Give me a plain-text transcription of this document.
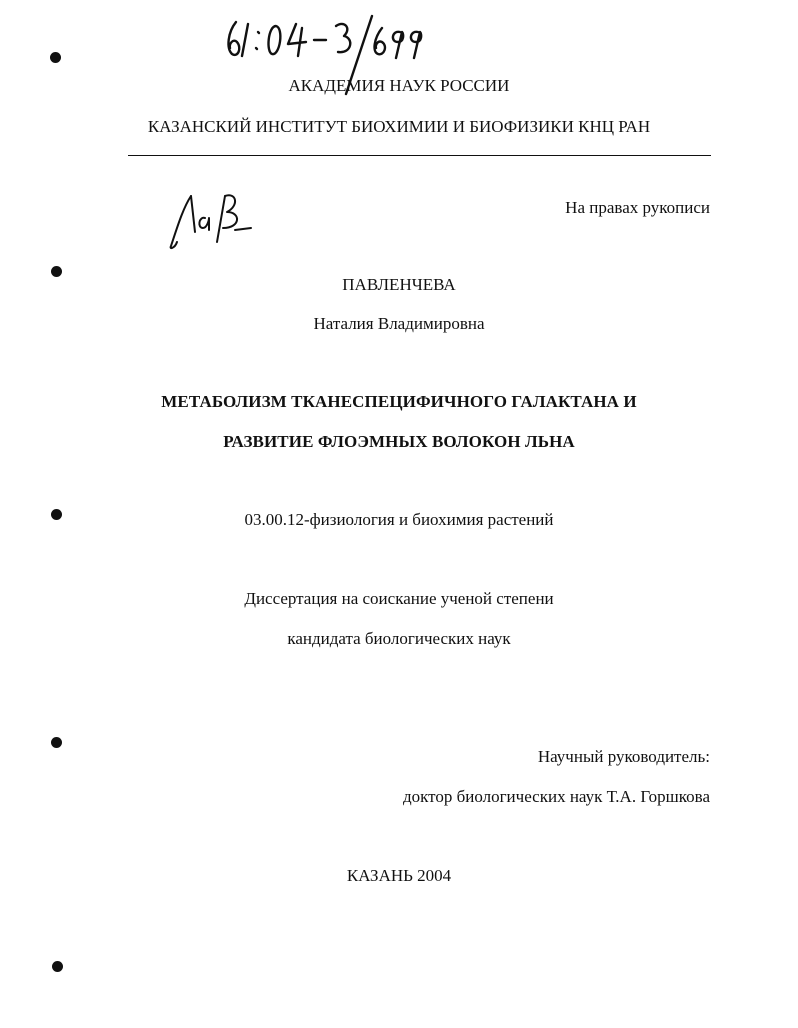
АКАДЕМИЯ НАУК РОССИИ
КАЗАНСКИЙ ИНСТИТУТ БИОХИМИИ И БИОФИЗИКИ КНЦ РАН
На правах рукописи
ПАВЛЕНЧЕВА
Наталия Владимировна
МЕТАБОЛИЗМ ТКАНЕСПЕЦИФИЧНОГО ГАЛАКТАНА И
РАЗВИТИЕ ФЛОЭМНЫХ ВОЛОКОН ЛЬНА
03.00.12-физиология и биохимия растений
Диссертация на соискание ученой степени
кандидата биологических наук
Научный руководитель:
доктор биологических наук Т.А. Горшкова
КАЗАНЬ 2004
